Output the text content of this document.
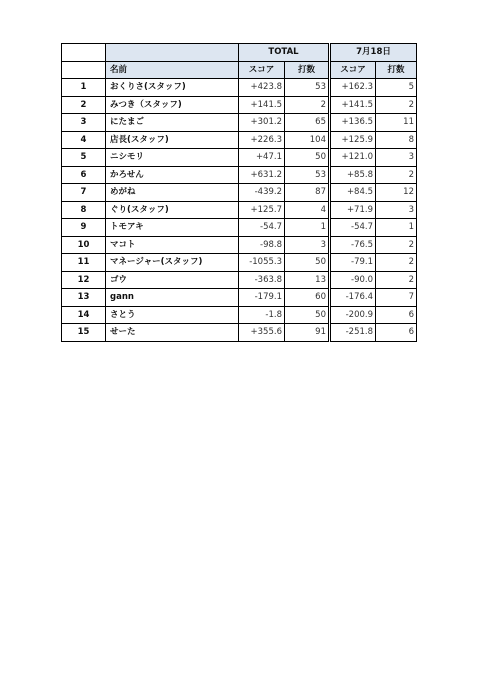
		TOTAL			7月18日	
	名前	スコア	打数		スコア	打数
1	おくりさ(スタッフ)	+423.8	53		+162.3	5
2	みつき（スタッフ)	+141.5	2		+141.5	2
3	にたまご	+301.2	65		+136.5	11
4	店長(スタッフ)	+226.3	104		+125.9	8
5	ニシモリ	+47.1	50		+121.0	3
6	かろせん	+631.2	53		+85.8	2
7	めがね	-439.2	87		+84.5	12
8	ぐり(スタッフ)	+125.7	4		+71.9	3
9	トモアキ	-54.7	1		-54.7	1
10	マコト	-98.8	3		-76.5	2
11	マネージャー(スタッフ)	-1055.3	50		-79.1	2
12	ゴウ	-363.8	13		-90.0	2
13	gann	-179.1	60		-176.4	7
14	さとう	-1.8	50		-200.9	6
15	せーた	+355.6	91		-251.8	6
